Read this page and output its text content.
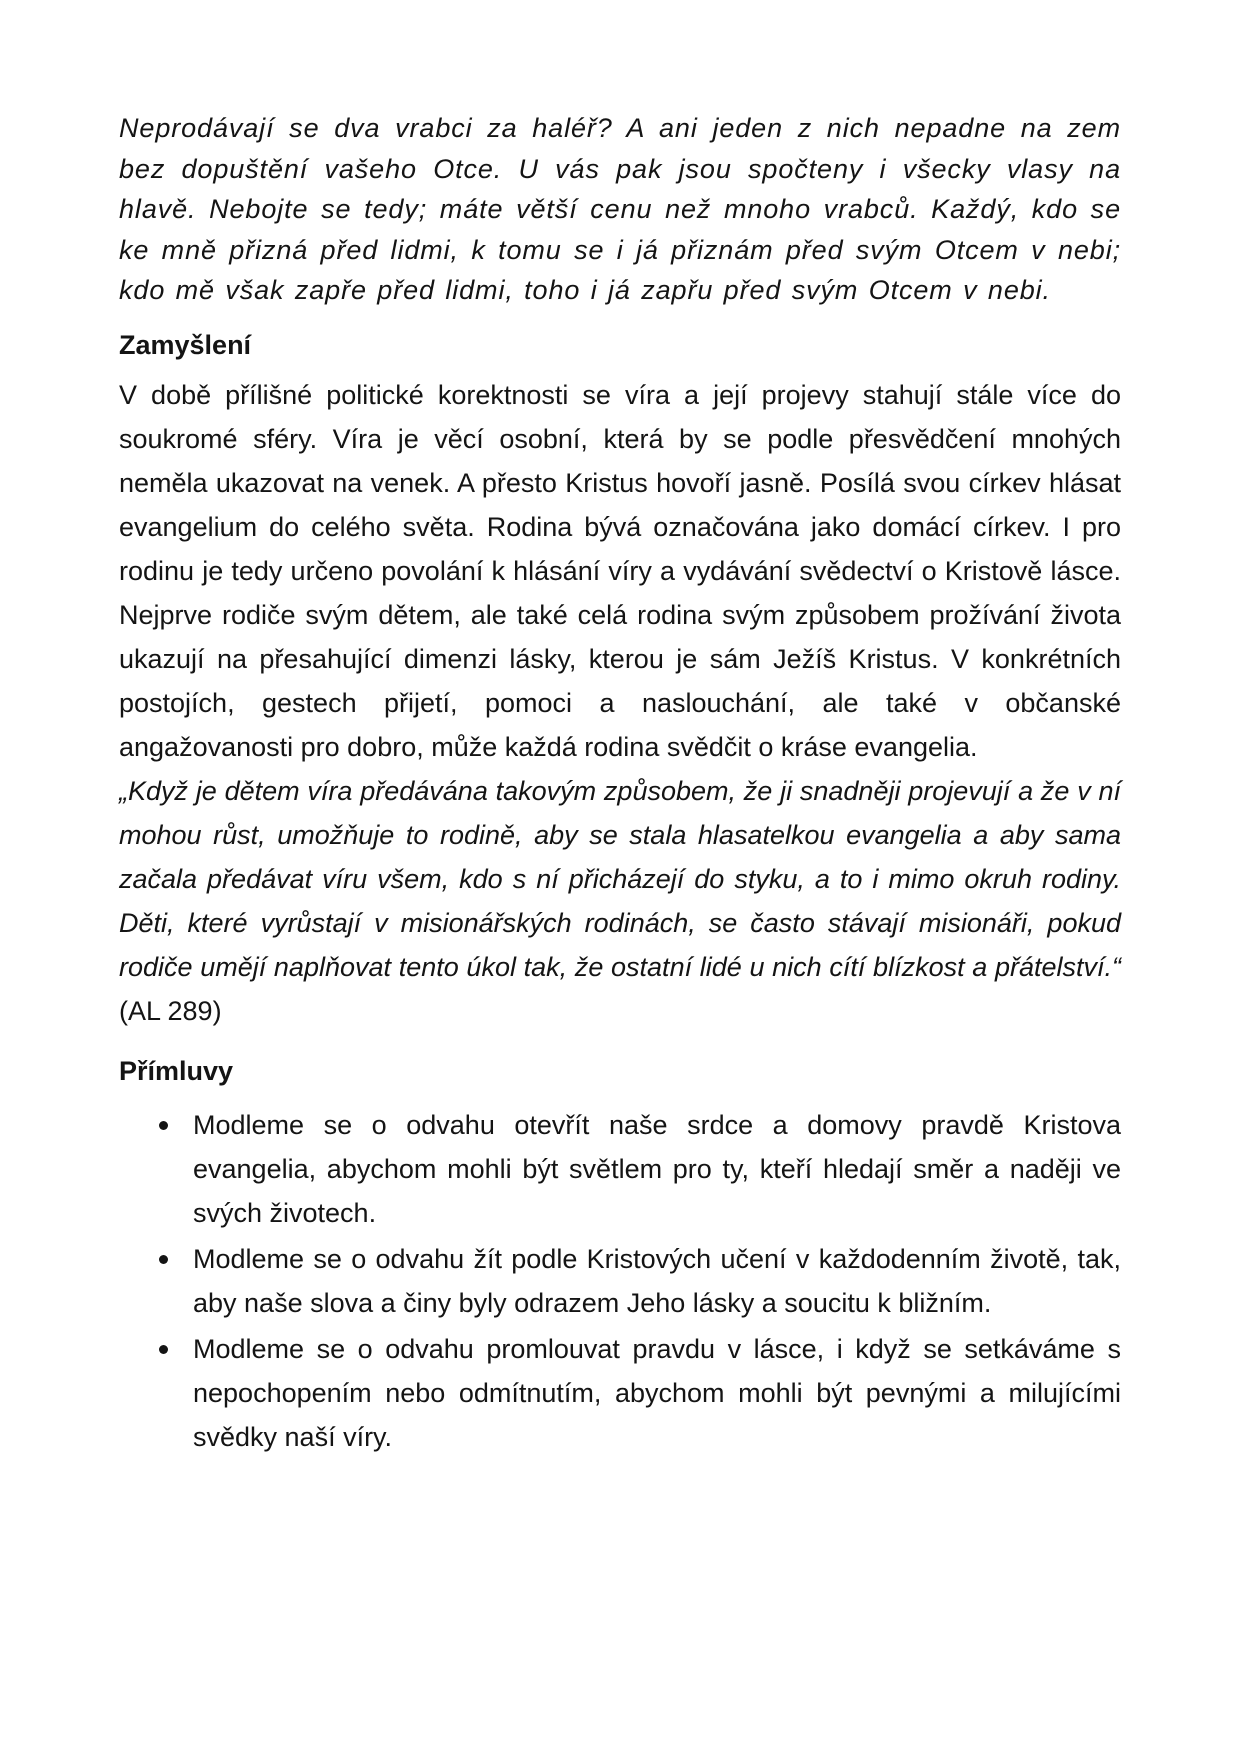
Neprodávají se dva vrabci za haléř? A ani jeden z nich nepadne na zem bez dopuštění vašeho Otce. U vás pak jsou spočteny i všecky vlasy na hlavě. Nebojte se tedy; máte větší cenu než mnoho vrabců. Každý, kdo se ke mně přizná před lidmi, k tomu se i já přiznám před svým Otcem v nebi; kdo mě však zapře před lidmi, toho i já zapřu před svým Otcem v nebi.

Zamyšlení

V době přílišné politické korektnosti se víra a její projevy stahují stále více do soukromé sféry. Víra je věcí osobní, která by se podle přesvědčení mnohých neměla ukazovat na venek. A přesto Kristus hovoří jasně. Posílá svou církev hlásat evangelium do celého světa. Rodina bývá označována jako domácí církev. I pro rodinu je tedy určeno povolání k hlásání víry a vydávání svědectví o Kristově lásce. Nejprve rodiče svým dětem, ale také celá rodina svým způsobem prožívání života ukazují na přesahující dimenzi lásky, kterou je sám Ježíš Kristus. V konkrétních postojích, gestech přijetí, pomoci a naslouchání, ale také v občanské angažovanosti pro dobro, může každá rodina svědčit o kráse evangelia.

„Když je dětem víra předávána takovým způsobem, že ji snadněji projevují a že v ní mohou růst, umožňuje to rodině, aby se stala hlasatelkou evangelia a aby sama začala předávat víru všem, kdo s ní přicházejí do styku, a to i mimo okruh rodiny. Děti, které vyrůstají v misionářských rodinách, se často stávají misionáři, pokud rodiče umějí naplňovat tento úkol tak, že ostatní lidé u nich cítí blízkost a přátelství.“ (AL 289)

Přímluvy
Modleme se o odvahu otevřít naše srdce a domovy pravdě Kristova evangelia, abychom mohli být světlem pro ty, kteří hledají směr a naději ve svých životech.
Modleme se o odvahu žít podle Kristových učení v každodenním životě, tak, aby naše slova a činy byly odrazem Jeho lásky a soucitu k bližním.
Modleme se o odvahu promlouvat pravdu v lásce, i když se setkáváme s nepochopením nebo odmítnutím, abychom mohli být pevnými a milujícími svědky naší víry.
